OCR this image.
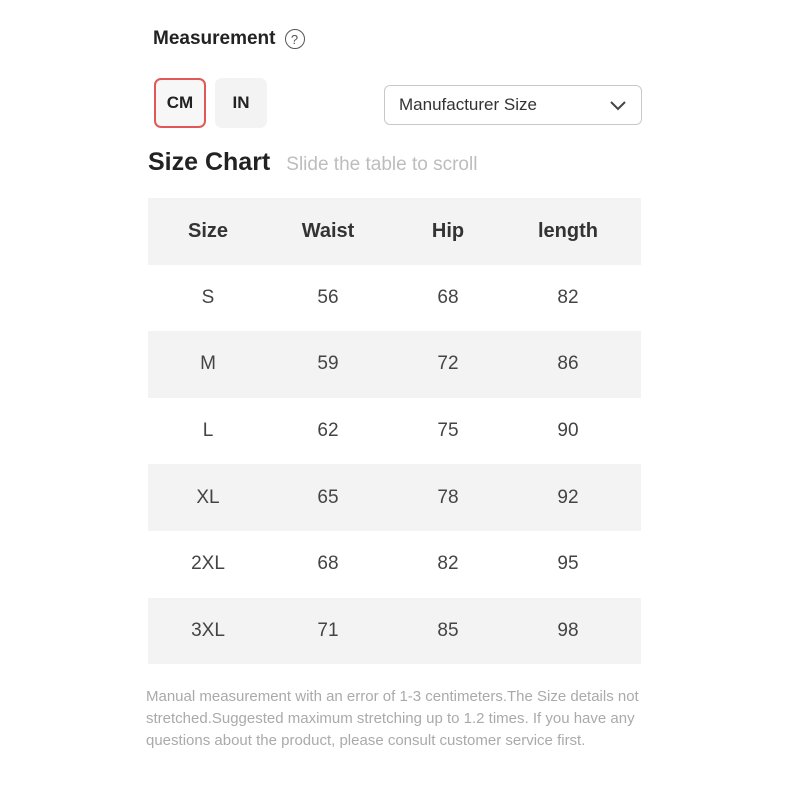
Measurement	?
CM	IN	Manufacturer Size
Size Chart Slide the table to scroll
Size	Waist	Hip	length
S	56	68	82
M	59	72	86
L	62	75	90
XL	65	78	92
2XL	68	82	95
3XL	71	85	98
Manual measurement with an error of 1-3 centimeters.The Size details not stretched.Suggested maximum stretching up to 1.2 times. If you have any questions about the product, please consult customer service first.
